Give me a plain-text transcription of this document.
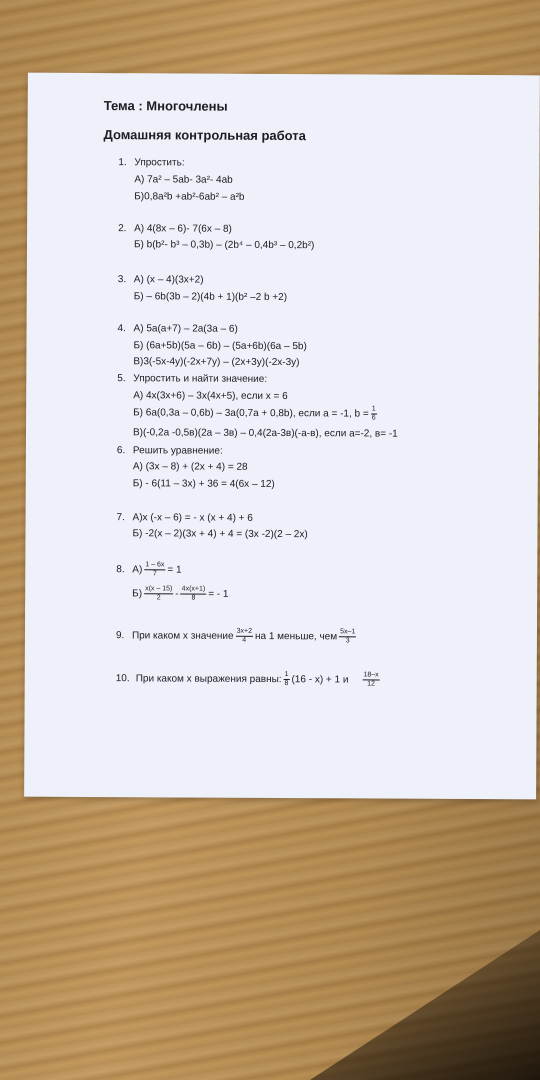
Тема : Многочлены
Домашняя контрольная работа
1. Упростить:
А) 7a² – 5ab- 3a²- 4ab
Б)0,8a²b +ab²-6ab² – a²b
2. А) 4(8x – 6)- 7(6x – 8)
Б) b(b²- b³ – 0,3b) – (2b⁴ – 0,4b³ – 0,2b²)
3. А) (x – 4)(3x+2)
Б) – 6b(3b – 2)(4b + 1)(b² –2 b +2)
4. А) 5a(a+7) – 2a(3a – 6)
Б) (6a+5b)(5a – 6b) – (5a+6b)(6a – 5b)
В)3(-5x-4y)(-2x+7y) – (2x+3y)(-2x-3y)
5. Упростить и найти значение:
А) 4x(3x+6) – 3x(4x+5), если x = 6
Б) 6a(0,3a – 0,6b) – 3a(0,7a + 0,8b), если a = -1, $b = \frac{1}{6}$
В)(-0,2a -0,5в)(2a – 3в) – 0,4(2a-3в)(-a-в), если a=-2, в= -1
6. Решить уравнение:
А) (3x – 8) + (2x + 4) = 28
Б) - 6(11 – 3x) + 36 = 4(6x – 12)
7. А)x (-x – 6) = - x (x + 4) + 6
Б) -2(x – 2)(3x + 4) + 4 = (3x -2)(2 – 2x)
8. $А) \frac{1 - 6x}{7} = 1$
$Б) \frac{x(x - 15)}{2} - \frac{4x(x+1)}{8}$ = - 1
9. При каком x значение $\frac{3x+2}{4}$ на 1 меньше, чем $\frac{5x-1}{3}$
10. При каком x выражения равны: $\frac{1}{8} (16 - x) + 1$ и $\frac{18-x}{12}$
